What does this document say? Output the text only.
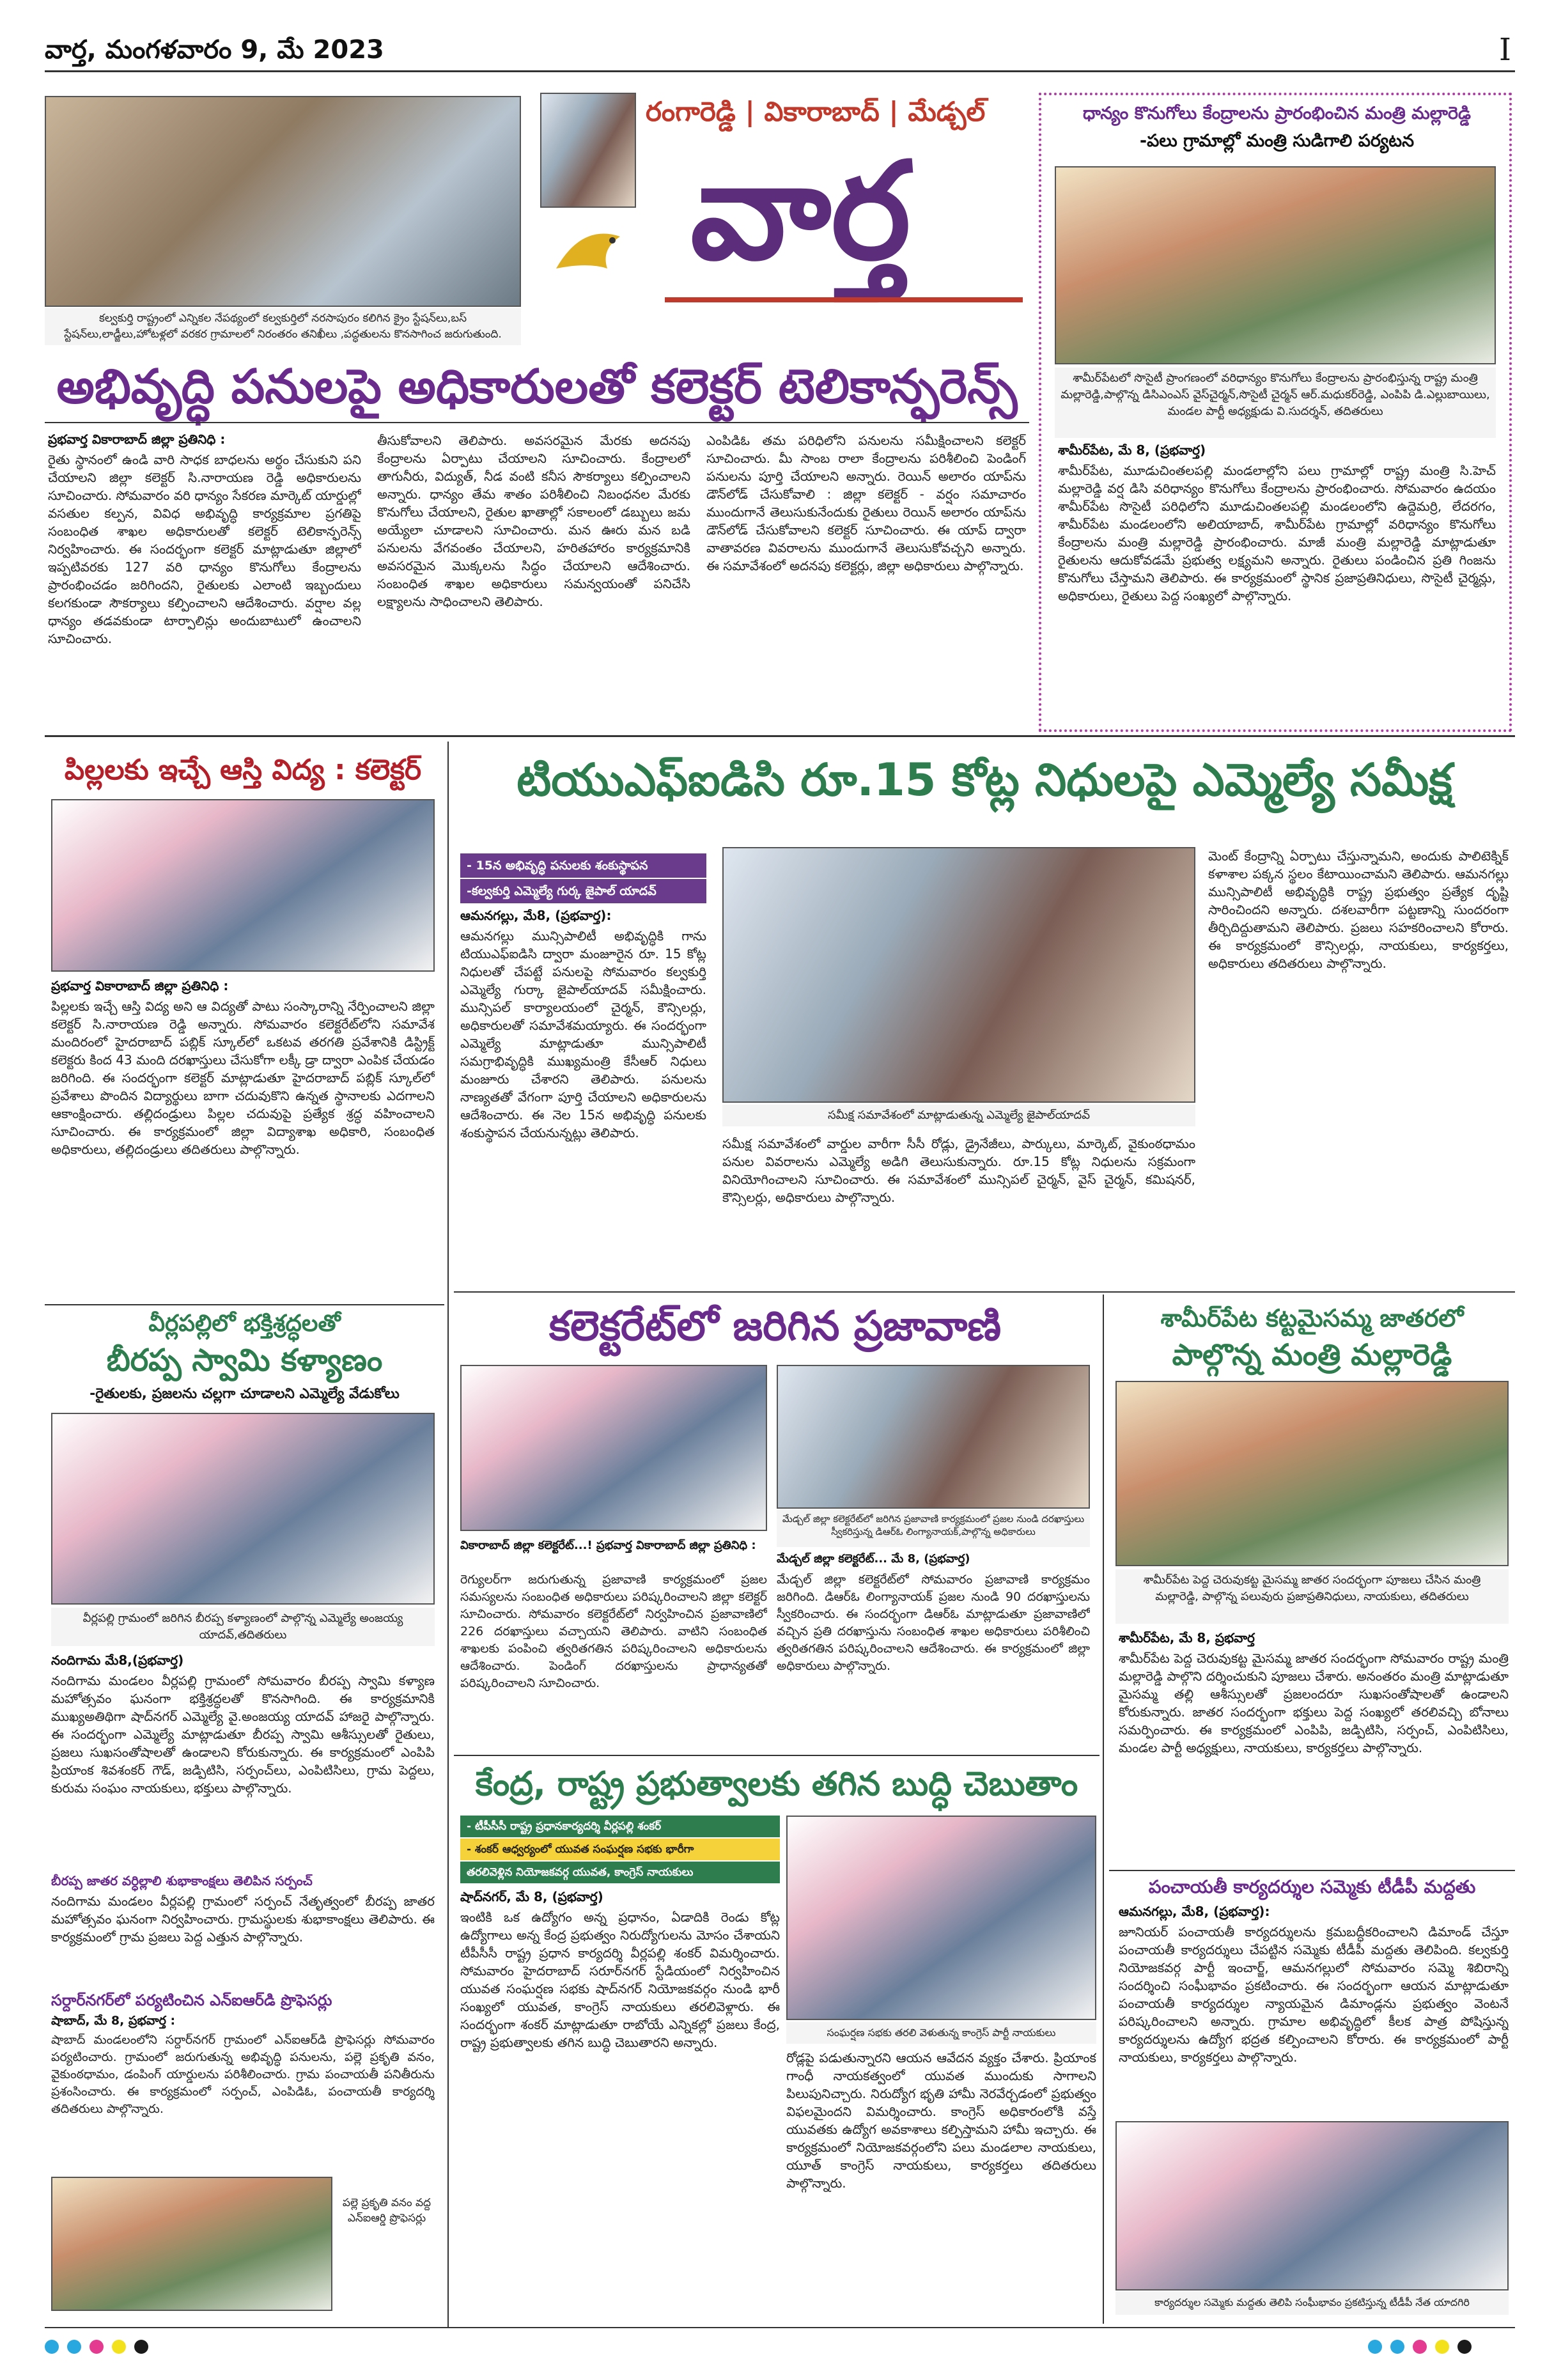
వార్త, మంగళవారం 9, మే 2023	I
కల్వకుర్తి రాష్ట్రంలో ఎన్నికల నేపథ్యంలో కల్వకుర్తిలో నరసాపురం కలిగిన క్రైం స్టేషన్‌లు,బస్ స్టేషన్‌లు,లాడ్జీలు,హోటళ్లలో వరకర గ్రామాలలో నిరంతరం తనిఖీలు ,పద్ధతులను కొనసాగించ జరుగుతుంది.
రంగారెడ్డి | వికారాబాద్ | మేడ్చల్
వార్త
ధాన్యం కొనుగోలు కేంద్రాలను ప్రారంభించిన మంత్రి మల్లారెడ్డి
-పలు గ్రామాల్లో మంత్రి సుడిగాలి పర్యటన
శామీర్‌పేటలో సొసైటీ ప్రాంగణంలో వరిధాన్యం కొనుగోలు కేంద్రాలను ప్రారంభిస్తున్న రాష్ట్ర మంత్రి మల్లారెడ్డి,పాల్గొన్న డిసిఎంఎస్ వైస్‌చైర్మన్,సొసైటీ చైర్మన్ ఆర్.మధుకర్‌రెడ్డి, ఎంపిపి డి.ఎల్లుబాయిలు, మండల పార్టీ అధ్యక్షుడు వి.సుదర్శన్, తదితరులు
శామీర్‌పేట, మే 8, (ప్రభవార్త)
శామీర్‌పేట, మూడుచింతలపల్లి మండలాల్లోని పలు గ్రామాల్లో రాష్ట్ర మంత్రి సి.హెచ్ మల్లారెడ్డి వర్ష డిసి వరిధాన్యం కొనుగోలు కేంద్రాలను ప్రారంభించారు. సోమవారం ఉదయం శామీర్‌పేట సొసైటీ పరిధిలోని మూడుచింతలపల్లి మండలంలోని ఉద్దెమర్రి, లేదరగం, శామీర్‌పేట మండలంలోని అలియాబాద్, శామీర్‌పేట గ్రామాల్లో వరిధాన్యం కొనుగోలు కేంద్రాలను మంత్రి మల్లారెడ్డి ప్రారంభించారు. మాజీ మంత్రి మల్లారెడ్డి మాట్లాడుతూ రైతులను ఆదుకోవడమే ప్రభుత్వ లక్ష్యమని అన్నారు. రైతులు పండించిన ప్రతి గింజను కొనుగోలు చేస్తామని తెలిపారు. ఈ కార్యక్రమంలో స్థానిక ప్రజాప్రతినిధులు, సొసైటీ చైర్మన్లు, అధికారులు, రైతులు పెద్ద సంఖ్యలో పాల్గొన్నారు.
అభివృద్ధి పనులపై అధికారులతో కలెక్టర్ టెలికాన్ఫరెన్స్
ప్రభవార్త వికారాబాద్ జిల్లా ప్రతినిధి :
రైతు స్థానంలో ఉండి వారి సాధక బాధలను అర్థం చేసుకుని పని చేయాలని జిల్లా కలెక్టర్ సి.నారాయణ రెడ్డి అధికారులను సూచించారు. సోమవారం వరి ధాన్యం సేకరణ మార్కెట్ యార్డుల్లో వసతుల కల్పన, వివిధ అభివృద్ధి కార్యక్రమాల ప్రగతిపై సంబంధిత శాఖల అధికారులతో కలెక్టర్ టెలికాన్ఫరెన్స్ నిర్వహించారు. ఈ సందర్భంగా కలెక్టర్ మాట్లాడుతూ జిల్లాలో ఇప్పటివరకు 127 వరి ధాన్యం కొనుగోలు కేంద్రాలను ప్రారంభించడం జరిగిందని, రైతులకు ఎలాంటి ఇబ్బందులు కలగకుండా సౌకర్యాలు కల్పించాలని ఆదేశించారు. వర్షాల వల్ల ధాన్యం తడవకుండా టార్పాలిన్లు అందుబాటులో ఉంచాలని సూచించారు.
తీసుకోవాలని తెలిపారు. అవసరమైన మేరకు అదనపు కేంద్రాలను ఏర్పాటు చేయాలని సూచించారు. కేంద్రాలలో తాగునీరు, విద్యుత్, నీడ వంటి కనీస సౌకర్యాలు కల్పించాలని అన్నారు. ధాన్యం తేమ శాతం పరిశీలించి నిబంధనల మేరకు కొనుగోలు చేయాలని, రైతుల ఖాతాల్లో సకాలంలో డబ్బులు జమ అయ్యేలా చూడాలని సూచించారు. మన ఊరు మన బడి పనులను వేగవంతం చేయాలని, హరితహారం కార్యక్రమానికి అవసరమైన మొక్కలను సిద్ధం చేయాలని ఆదేశించారు. సంబంధిత శాఖల అధికారులు సమన్వయంతో పనిచేసి లక్ష్యాలను సాధించాలని తెలిపారు.
ఎంపిడిఓ తమ పరిధిలోని పనులను సమీక్షించాలని కలెక్టర్ సూచించారు. మీ సాంబ రాలా కేంద్రాలను పరిశీలించి పెండింగ్ పనులను పూర్తి చేయాలని అన్నారు. రెయిన్ అలారం యాప్‌ను డౌన్‌లోడ్ చేసుకోవాలి : జిల్లా కలెక్టర్ - వర్షం సమాచారం ముందుగానే తెలుసుకునేందుకు రైతులు రెయిన్ అలారం యాప్‌ను డౌన్‌లోడ్ చేసుకోవాలని కలెక్టర్ సూచించారు. ఈ యాప్ ద్వారా వాతావరణ వివరాలను ముందుగానే తెలుసుకోవచ్చని అన్నారు. ఈ సమావేశంలో అదనపు కలెక్టర్లు, జిల్లా అధికారులు పాల్గొన్నారు.
పిల్లలకు ఇచ్చే ఆస్తి విద్య : కలెక్టర్
ప్రభవార్త వికారాబాద్ జిల్లా ప్రతినిధి :
పిల్లలకు ఇచ్చే ఆస్తి విద్య అని ఆ విద్యతో పాటు సంస్కారాన్ని నేర్పించాలని జిల్లా కలెక్టర్ సి.నారాయణ రెడ్డి అన్నారు. సోమవారం కలెక్టరేట్‌లోని సమావేశ మందిరంలో హైదరాబాద్ పబ్లిక్ స్కూల్‌లో ఒకటవ తరగతి ప్రవేశానికి డిస్ట్రిక్ట్ కలెక్టరు కింద 43 మంది దరఖాస్తులు చేసుకోగా లక్కీ డ్రా ద్వారా ఎంపిక చేయడం జరిగింది. ఈ సందర్భంగా కలెక్టర్ మాట్లాడుతూ హైదరాబాద్ పబ్లిక్ స్కూల్‌లో ప్రవేశాలు పొందిన విద్యార్థులు బాగా చదువుకొని ఉన్నత స్థానాలకు ఎదగాలని ఆకాంక్షించారు. తల్లిదండ్రులు పిల్లల చదువుపై ప్రత్యేక శ్రద్ధ వహించాలని సూచించారు. ఈ కార్యక్రమంలో జిల్లా విద్యాశాఖ అధికారి, సంబంధిత అధికారులు, తల్లిదండ్రులు తదితరులు పాల్గొన్నారు.
వీర్లపల్లిలో భక్తిశ్రద్ధలతో
బీరప్ప స్వామి కళ్యాణం
-రైతులకు, ప్రజలను చల్లగా చూడాలని ఎమ్మెల్యే వేడుకోలు
వీర్లపల్లి గ్రామంలో జరిగిన బీరప్ప కళ్యాణంలో పాల్గొన్న ఎమ్మెల్యే అంజయ్య యాదవ్,తదితరులు
నందిగామ మే8,(ప్రభవార్త)
నందిగామ మండలం వీర్లపల్లి గ్రామంలో సోమవారం బీరప్ప స్వామి కళ్యాణ మహోత్సవం ఘనంగా భక్తిశ్రద్ధలతో కొనసాగింది. ఈ కార్యక్రమానికి ముఖ్యఅతిథిగా షాద్‌నగర్ ఎమ్మెల్యే వై.అంజయ్య యాదవ్ హాజరై పాల్గొన్నారు. ఈ సందర్భంగా ఎమ్మెల్యే మాట్లాడుతూ బీరప్ప స్వామి ఆశీస్సులతో రైతులు, ప్రజలు సుఖసంతోషాలతో ఉండాలని కోరుకున్నారు. ఈ కార్యక్రమంలో ఎంపిపి ప్రియాంక శివశంకర్ గౌడ్, జడ్పిటిసి, సర్పంచ్‌లు, ఎంపిటిసిలు, గ్రామ పెద్దలు, కురుమ సంఘం నాయకులు, భక్తులు పాల్గొన్నారు.
బీరప్ప జాతర వర్ధిల్లాలి శుభాకాంక్షలు తెలిపిన సర్పంచ్
నందిగామ మండలం వీర్లపల్లి గ్రామంలో సర్పంచ్ నేతృత్వంలో బీరప్ప జాతర మహోత్సవం ఘనంగా నిర్వహించారు. గ్రామస్థులకు శుభాకాంక్షలు తెలిపారు. ఈ కార్యక్రమంలో గ్రామ ప్రజలు పెద్ద ఎత్తున పాల్గొన్నారు.
సర్దార్‌నగర్‌లో పర్యటించిన ఎన్‌ఐఆర్‌డి ప్రొఫెసర్లు
షాబాద్, మే 8, ప్రభవార్త :
షాబాద్ మండలంలోని సర్దార్‌నగర్ గ్రామంలో ఎన్‌ఐఆర్‌డి ప్రొఫెసర్లు సోమవారం పర్యటించారు. గ్రామంలో జరుగుతున్న అభివృద్ధి పనులను, పల్లె ప్రకృతి వనం, వైకుంఠధామం, డంపింగ్ యార్డులను పరిశీలించారు. గ్రామ పంచాయతీ పనితీరును ప్రశంసించారు. ఈ కార్యక్రమంలో సర్పంచ్, ఎంపిడిఓ, పంచాయతీ కార్యదర్శి తదితరులు పాల్గొన్నారు.
పల్లె ప్రకృతి వనం వద్ద ఎన్ఐఆర్డి ప్రొఫెసర్లు
టియుఎఫ్ఐడిసి రూ.15 కోట్ల నిధులపై ఎమ్మెల్యే సమీక్ష
- 15న అభివృద్ధి పనులకు శంకుస్థాపన
-కల్వకుర్తి ఎమ్మెల్యే గుర్క జైపాల్ యాదవ్
ఆమనగల్లు, మే8, (ప్రభవార్త):
ఆమనగల్లు మున్సిపాలిటీ అభివృద్ధికి గాను టియుఎఫ్ఐడిసి ద్వారా మంజూరైన రూ. 15 కోట్ల నిధులతో చేపట్టే పనులపై సోమవారం కల్వకుర్తి ఎమ్మెల్యే గుర్కా జైపాల్‌యాదవ్ సమీక్షించారు. మున్సిపల్ కార్యాలయంలో చైర్మన్, కౌన్సిలర్లు, అధికారులతో సమావేశమయ్యారు. ఈ సందర్భంగా ఎమ్మెల్యే మాట్లాడుతూ మున్సిపాలిటీ సమగ్రాభివృద్ధికి ముఖ్యమంత్రి కేసీఆర్ నిధులు మంజూరు చేశారని తెలిపారు. పనులను నాణ్యతతో వేగంగా పూర్తి చేయాలని అధికారులను ఆదేశించారు. ఈ నెల 15న అభివృద్ధి పనులకు శంకుస్థాపన చేయనున్నట్లు తెలిపారు.
సమీక్ష సమావేశంలో మాట్లాడుతున్న ఎమ్మెల్యే జైపాల్‌యాదవ్
సమీక్ష సమావేశంలో వార్డుల వారీగా సీసీ రోడ్లు, డ్రైనేజీలు, పార్కులు, మార్కెట్, వైకుంఠధామం పనుల వివరాలను ఎమ్మెల్యే అడిగి తెలుసుకున్నారు. రూ.15 కోట్ల నిధులను సక్రమంగా వినియోగించాలని సూచించారు. ఈ సమావేశంలో మున్సిపల్ చైర్మన్, వైస్ చైర్మన్, కమిషనర్, కౌన్సిలర్లు, అధికారులు పాల్గొన్నారు.
మెంట్ కేంద్రాన్ని ఏర్పాటు చేస్తున్నామని, అందుకు పాలిటెక్నిక్ కళాశాల పక్కన స్థలం కేటాయించామని తెలిపారు. ఆమనగల్లు మున్సిపాలిటీ అభివృద్ధికి రాష్ట్ర ప్రభుత్వం ప్రత్యేక దృష్టి సారించిందని అన్నారు. దశలవారీగా పట్టణాన్ని సుందరంగా తీర్చిదిద్దుతామని తెలిపారు. ప్రజలు సహకరించాలని కోరారు. ఈ కార్యక్రమంలో కౌన్సిలర్లు, నాయకులు, కార్యకర్తలు, అధికారులు తదితరులు పాల్గొన్నారు.
కలెక్టరేట్‌లో జరిగిన ప్రజావాణి
మేడ్చల్ జిల్లా కలెక్టరేట్‌లో జరిగిన ప్రజావాణి కార్యక్రమంలో ప్రజల నుండి దరఖాస్తులు స్వీకరిస్తున్న డిఆర్ఓ లింగ్యానాయక్,పాల్గొన్న అధికారులు
వికారాబాద్ జిల్లా కలెక్టరేట్...! ప్రభవార్త వికారాబాద్ జిల్లా ప్రతినిధి :
రెగ్యులర్‌గా జరుగుతున్న ప్రజావాణి కార్యక్రమంలో ప్రజల సమస్యలను సంబంధిత అధికారులు పరిష్కరించాలని జిల్లా కలెక్టర్ సూచించారు. సోమవారం కలెక్టరేట్‌లో నిర్వహించిన ప్రజావాణిలో 226 దరఖాస్తులు వచ్చాయని తెలిపారు. వాటిని సంబంధిత శాఖలకు పంపించి త్వరితగతిన పరిష్కరించాలని అధికారులను ఆదేశించారు. పెండింగ్ దరఖాస్తులను ప్రాధాన్యతతో పరిష్కరించాలని సూచించారు.
మేడ్చల్ జిల్లా కలెక్టరేట్... మే 8, (ప్రభవార్త)
మేడ్చల్ జిల్లా కలెక్టరేట్‌లో సోమవారం ప్రజావాణి కార్యక్రమం జరిగింది. డిఆర్ఓ లింగ్యానాయక్ ప్రజల నుండి 90 దరఖాస్తులను స్వీకరించారు. ఈ సందర్భంగా డిఆర్ఓ మాట్లాడుతూ ప్రజావాణిలో వచ్చిన ప్రతి దరఖాస్తును సంబంధిత శాఖల అధికారులు పరిశీలించి త్వరితగతిన పరిష్కరించాలని ఆదేశించారు. ఈ కార్యక్రమంలో జిల్లా అధికారులు పాల్గొన్నారు.
శామీర్‌పేట కట్టమైసమ్మ జాతరలో
పాల్గొన్న మంత్రి మల్లారెడ్డి
శామీర్‌పేట పెద్ద చెరువుకట్ట మైసమ్మ జాతర సందర్భంగా పూజలు చేసిన మంత్రి మల్లారెడ్డి, పాల్గొన్న పలువురు ప్రజాప్రతినిధులు, నాయకులు, తదితరులు
శామీర్‌పేట, మే 8, ప్రభవార్త
శామీర్‌పేట పెద్ద చెరువుకట్ట మైసమ్మ జాతర సందర్భంగా సోమవారం రాష్ట్ర మంత్రి మల్లారెడ్డి పాల్గొని దర్శించుకుని పూజలు చేశారు. అనంతరం మంత్రి మాట్లాడుతూ మైసమ్మ తల్లి ఆశీస్సులతో ప్రజలందరూ సుఖసంతోషాలతో ఉండాలని కోరుకున్నారు. జాతర సందర్భంగా భక్తులు పెద్ద సంఖ్యలో తరలివచ్చి బోనాలు సమర్పించారు. ఈ కార్యక్రమంలో ఎంపిపి, జడ్పిటిసి, సర్పంచ్, ఎంపిటిసిలు, మండల పార్టీ అధ్యక్షులు, నాయకులు, కార్యకర్తలు పాల్గొన్నారు.
పంచాయతీ కార్యదర్శుల సమ్మెకు టీడీపీ మద్దతు
ఆమనగల్లు, మే8, (ప్రభవార్త):
జూనియర్ పంచాయతీ కార్యదర్శులను క్రమబద్ధీకరించాలని డిమాండ్ చేస్తూ పంచాయతీ కార్యదర్శులు చేపట్టిన సమ్మెకు టీడీపీ మద్దతు తెలిపింది. కల్వకుర్తి నియోజకవర్గ పార్టీ ఇంచార్జ్, ఆమనగల్లులో సోమవారం సమ్మె శిబిరాన్ని సందర్శించి సంఘీభావం ప్రకటించారు. ఈ సందర్భంగా ఆయన మాట్లాడుతూ పంచాయతీ కార్యదర్శుల న్యాయమైన డిమాండ్లను ప్రభుత్వం వెంటనే పరిష్కరించాలని అన్నారు. గ్రామాల అభివృద్ధిలో కీలక పాత్ర పోషిస్తున్న కార్యదర్శులను ఉద్యోగ భద్రత కల్పించాలని కోరారు. ఈ కార్యక్రమంలో పార్టీ నాయకులు, కార్యకర్తలు పాల్గొన్నారు.
కార్యదర్శుల సమ్మెకు మద్దతు తెలిపి సంఘీభావం ప్రకటిస్తున్న టీడీపీ నేత యాదగిరి
కేంద్ర, రాష్ట్ర ప్రభుత్వాలకు తగిన బుద్ధి చెబుతాం
- టీపీసీసీ రాష్ట్ర ప్రధానకార్యదర్శి వీర్లపల్లి శంకర్
- శంకర్ ఆధ్వర్యంలో యువత సంఘర్షణ సభకు భారీగా
తరలివెళ్లిన నియోజకవర్గ యువత, కాంగ్రెస్ నాయకులు
షాద్‌నగర్, మే 8, (ప్రభవార్త)
ఇంటికి ఒక ఉద్యోగం అన్న ప్రధానం, ఏడాదికి రెండు కోట్ల ఉద్యోగాలు అన్న కేంద్ర ప్రభుత్వం నిరుద్యోగులను మోసం చేశాయని టీపీసీసీ రాష్ట్ర ప్రధాన కార్యదర్శి వీర్లపల్లి శంకర్ విమర్శించారు. సోమవారం హైదరాబాద్ సరూర్‌నగర్ స్టేడియంలో నిర్వహించిన యువత సంఘర్షణ సభకు షాద్‌నగర్ నియోజకవర్గం నుండి భారీ సంఖ్యలో యువత, కాంగ్రెస్ నాయకులు తరలివెళ్లారు. ఈ సందర్భంగా శంకర్ మాట్లాడుతూ రాబోయే ఎన్నికల్లో ప్రజలు కేంద్ర, రాష్ట్ర ప్రభుత్వాలకు తగిన బుద్ధి చెబుతారని అన్నారు.
సంఘర్షణ సభకు తరలి వెళుతున్న కాంగ్రెస్ పార్టీ నాయకులు
రోడ్లపై పడుతున్నారని ఆయన ఆవేదన వ్యక్తం చేశారు. ప్రియాంక గాంధీ నాయకత్వంలో యువత ముందుకు సాగాలని పిలుపునిచ్చారు. నిరుద్యోగ భృతి హామీ నెరవేర్చడంలో ప్రభుత్వం విఫలమైందని విమర్శించారు. కాంగ్రెస్ అధికారంలోకి వస్తే యువతకు ఉద్యోగ అవకాశాలు కల్పిస్తామని హామీ ఇచ్చారు. ఈ కార్యక్రమంలో నియోజకవర్గంలోని పలు మండలాల నాయకులు, యూత్ కాంగ్రెస్ నాయకులు, కార్యకర్తలు తదితరులు పాల్గొన్నారు.
